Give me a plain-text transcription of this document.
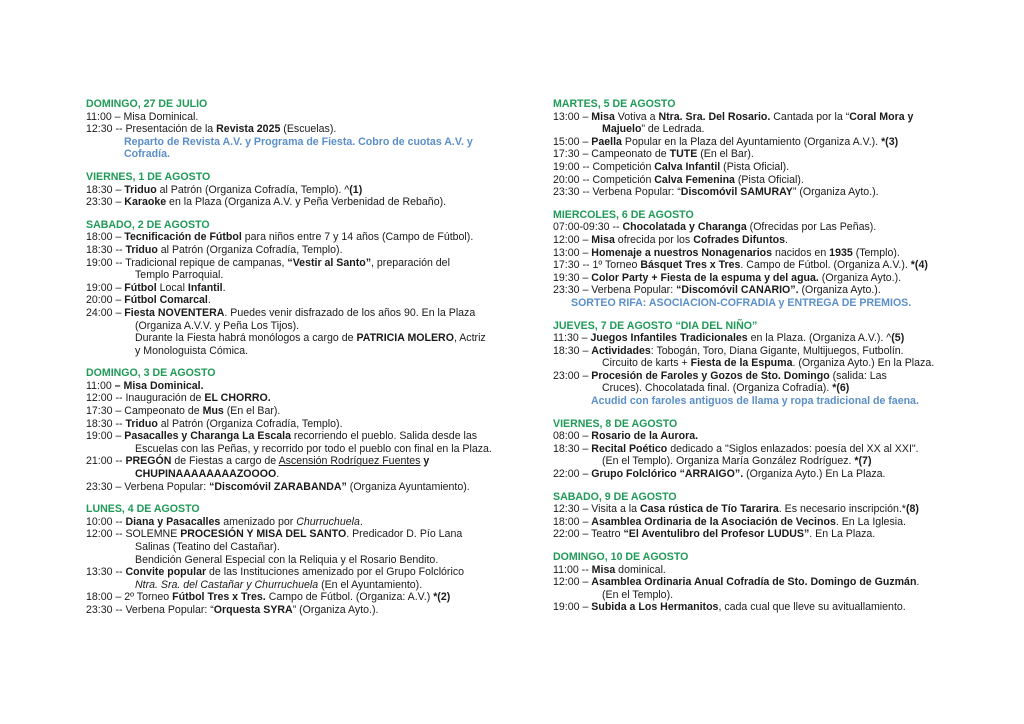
DOMINGO, 27 DE JULIO
11:00 – Misa Dominical.
12:30 -- Presentación de la Revista 2025 (Escuelas).
Reparto de Revista A.V. y Programa de Fiesta. Cobro de cuotas A.V. y
Cofradía.
VIERNES, 1 DE AGOSTO
18:30 – Triduo al Patrón (Organiza Cofradía, Templo). ^(1)
23:30 – Karaoke en la Plaza (Organiza A.V. y Peña Verbenidad de Rebaño).
SABADO, 2 DE AGOSTO
18:00 – Tecnificación de Fútbol para niños entre 7 y 14 años (Campo de Fútbol).
18:30 -- Triduo al Patrón (Organiza Cofradía, Templo).
19:00 -- Tradicional repique de campanas, “Vestir al Santo”, preparación del
Templo Parroquial.
19:00 – Fútbol Local Infantil.
20:00 – Fútbol Comarcal.
24:00 – Fiesta NOVENTERA. Puedes venir disfrazado de los años 90. En la Plaza
(Organiza A.V.V. y Peña Los Tijos).
Durante la Fiesta habrá monólogos a cargo de PATRICIA MOLERO, Actriz
y Monologuista Cómica.
DOMINGO, 3 DE AGOSTO
11:00 – Misa Dominical.
12:00 -- Inauguración de EL CHORRO.
17:30 – Campeonato de Mus (En el Bar).
18:30 -- Triduo al Patrón (Organiza Cofradía, Templo).
19:00 – Pasacalles y Charanga La Escala recorriendo el pueblo. Salida desde las
Escuelas con las Peñas, y recorrido por todo el pueblo con final en la Plaza.
21:00 -- PREGÓN de Fiestas a cargo de Ascensión Rodríguez Fuentes y
CHUPINAAAAAAAAZOOOO.
23:30 – Verbena Popular: “Discomóvil ZARABANDA” (Organiza Ayuntamiento).
LUNES, 4 DE AGOSTO
10:00 -- Diana y Pasacalles amenizado por Churruchuela.
12:00 -- SOLEMNE PROCESIÓN Y MISA DEL SANTO. Predicador D. Pío Lana
Salinas (Teatino del Castañar).
Bendición General Especial con la Reliquia y el Rosario Bendito.
13:30 -- Convite popular de las Instituciones amenizado por el Grupo Folclórico
Ntra. Sra. del Castañar y Churruchuela (En el Ayuntamiento).
18:00 – 2º Torneo Fútbol Tres x Tres. Campo de Fútbol. (Organiza: A.V.) *(2)
23:30 -- Verbena Popular: “Orquesta SYRA” (Organiza Ayto.).
MARTES, 5 DE AGOSTO
13:00 – Misa Votiva a Ntra. Sra. Del Rosario. Cantada por la “Coral Mora y
Majuelo” de Ledrada.
15:00 – Paella Popular en la Plaza del Ayuntamiento (Organiza A.V.). *(3)
17:30 – Campeonato de TUTE (En el Bar).
19:00 -- Competición Calva Infantil (Pista Oficial).
20:00 -- Competición Calva Femenina (Pista Oficial).
23:30 -- Verbena Popular: “Discomóvil SAMURAY” (Organiza Ayto.).
MIERCOLES, 6 DE AGOSTO
07:00-09:30 -- Chocolatada y Charanga (Ofrecidas por Las Peñas).
12:00 – Misa ofrecida por los Cofrades Difuntos.
13:00 – Homenaje a nuestros Nonagenarios nacidos en 1935 (Templo).
17:30 -- 1º Torneo Básquet Tres x Tres. Campo de Fútbol. (Organiza A.V.). *(4)
19:30 – Color Party + Fiesta de la espuma y del agua. (Organiza Ayto.).
23:30 – Verbena Popular: “Discomóvil CANARIO”. (Organiza Ayto.).
SORTEO RIFA: ASOCIACION-COFRADIA y ENTREGA DE PREMIOS.
JUEVES, 7 DE AGOSTO “DIA DEL NIÑO”
11:30 – Juegos Infantiles Tradicionales en la Plaza. (Organiza A.V.). ^(5)
18:30 – Actividades: Tobogán, Toro, Diana Gigante, Multijuegos, Futbolín.
Circuito de karts + Fiesta de la Espuma. (Organiza Ayto.) En la Plaza.
23:00 – Procesión de Faroles y Gozos de Sto. Domingo (salida: Las
Cruces). Chocolatada final. (Organiza Cofradía). *(6)
Acudid con faroles antiguos de llama y ropa tradicional de faena.
VIERNES, 8 DE AGOSTO
08:00 – Rosario de la Aurora.
18:30 – Recital Poético dedicado a "Siglos enlazados: poesía del XX al XXI".
(En el Templo). Organiza María González Rodríguez. *(7)
22:00 – Grupo Folclórico “ARRAIGO”. (Organiza Ayto.) En La Plaza.
SABADO, 9 DE AGOSTO
12:30 – Visita a la Casa rústica de Tío Tararira. Es necesario inscripción.*(8)
18:00 – Asamblea Ordinaria de la Asociación de Vecinos. En La Iglesia.
22:00 – Teatro “El Aventulibro del Profesor LUDUS”. En La Plaza.
DOMINGO, 10 DE AGOSTO
11:00 -- Misa dominical.
12:00 – Asamblea Ordinaria Anual Cofradía de Sto. Domingo de Guzmán.
(En el Templo).
19:00 – Subida a Los Hermanitos, cada cual que lleve su avituallamiento.
